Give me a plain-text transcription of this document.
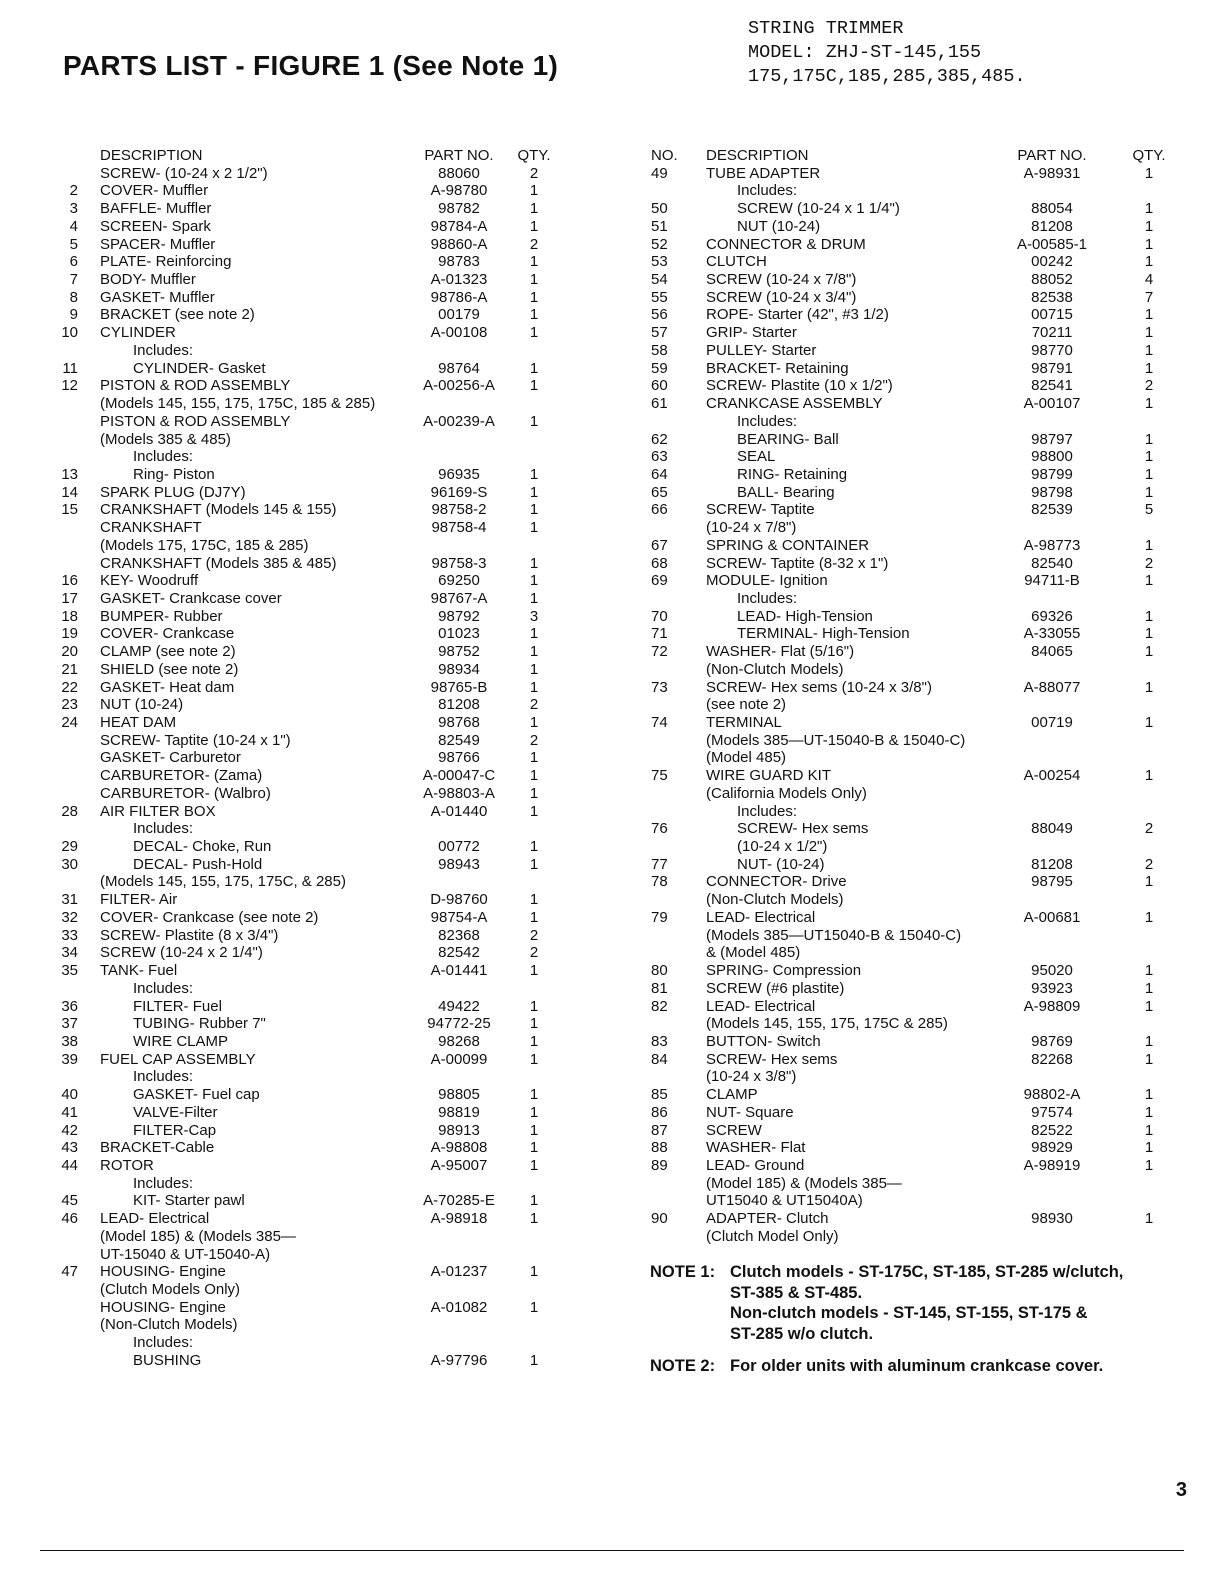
PARTS LIST - FIGURE 1 (See Note 1)
STRING TRIMMER
MODEL: ZHJ-ST-145,155
175,175C,185,285,385,485.
DESCRIPTION	PART NO.	QTY.
SCREW- (10-24 x 2 1/2")	88060	2
2 COVER- Muffler	A-98780	1
3 BAFFLE- Muffler	98782	1
4 SCREEN- Spark	98784-A	1
5 SPACER- Muffler	98860-A	2
6 PLATE- Reinforcing	98783	1
7 BODY- Muffler	A-01323	1
8 GASKET- Muffler	98786-A	1
9 BRACKET (see note 2)	00179	1
10 CYLINDER	A-00108	1
Includes:
11	CYLINDER- Gasket	98764	1
12 PISTON & ROD ASSEMBLY	A-00256-A	1
(Models 145, 155, 175, 175C, 185 & 285)
PISTON & ROD ASSEMBLY	A-00239-A	1
(Models 385 & 485)
Includes:
13	Ring- Piston	96935	1
14 SPARK PLUG (DJ7Y)	96169-S	1
15 CRANKSHAFT (Models 145 & 155)	98758-2	1
CRANKSHAFT	98758-4	1
(Models 175, 175C, 185 & 285)
CRANKSHAFT (Models 385 & 485)	98758-3	1
16 KEY- Woodruff	69250	1
17 GASKET- Crankcase cover	98767-A	1
18 BUMPER- Rubber	98792	3
19 COVER- Crankcase	01023	1
20 CLAMP (see note 2)	98752	1
21 SHIELD (see note 2)	98934	1
22 GASKET- Heat dam	98765-B	1
23 NUT (10-24)	81208	2
24 HEAT DAM	98768	1
SCREW- Taptite (10-24 x 1")	82549	2
GASKET- Carburetor	98766	1
CARBURETOR- (Zama)	A-00047-C	1
CARBURETOR- (Walbro)	A-98803-A	1
28 AIR FILTER BOX	A-01440	1
Includes:
29	DECAL- Choke, Run	00772	1
30	DECAL- Push-Hold	98943	1
(Models 145, 155, 175, 175C, & 285)
31 FILTER- Air	D-98760	1
32 COVER- Crankcase (see note 2)	98754-A	1
33 SCREW- Plastite (8 x 3/4")	82368	2
34 SCREW (10-24 x 2 1/4")	82542	2
35 TANK- Fuel	A-01441	1
Includes:
36	FILTER- Fuel	49422	1
37	TUBING- Rubber 7"	94772-25	1
38	WIRE CLAMP	98268	1
39 FUEL CAP ASSEMBLY	A-00099	1
Includes:
40	GASKET- Fuel cap	98805	1
41	VALVE-Filter	98819	1
42	FILTER-Cap	98913	1
43 BRACKET-Cable	A-98808	1
44 ROTOR	A-95007	1
Includes:
45	KIT- Starter pawl	A-70285-E	1
46 LEAD- Electrical	A-98918	1
(Model 185) & (Models 385—
UT-15040 & UT-15040-A)
47 HOUSING- Engine	A-01237	1
(Clutch Models Only)
HOUSING- Engine	A-01082	1
(Non-Clutch Models)
Includes:
BUSHING	A-97796	1
NO.	DESCRIPTION	PART NO.	QTY.
49	TUBE ADAPTER	A-98931	1
Includes:
50	SCREW (10-24 x 1 1/4")	88054	1
51	NUT (10-24)	81208	1
52	CONNECTOR & DRUM	A-00585-1	1
53	CLUTCH	00242	1
54	SCREW (10-24 x 7/8")	88052	4
55	SCREW (10-24 x 3/4")	82538	7
56	ROPE- Starter (42", #3 1/2)	00715	1
57	GRIP- Starter	70211	1
58	PULLEY- Starter	98770	1
59	BRACKET- Retaining	98791	1
60	SCREW- Plastite (10 x 1/2")	82541	2
61	CRANKCASE ASSEMBLY	A-00107	1
Includes:
62	BEARING- Ball	98797	1
63	SEAL	98800	1
64	RING- Retaining	98799	1
65	BALL- Bearing	98798	1
66	SCREW- Taptite	82539	5
(10-24 x 7/8")
67	SPRING & CONTAINER	A-98773	1
68	SCREW- Taptite (8-32 x 1")	82540	2
69	MODULE- Ignition	94711-B	1
Includes:
70	LEAD- High-Tension	69326	1
71	TERMINAL- High-Tension	A-33055	1
72	WASHER- Flat (5/16")	84065	1
(Non-Clutch Models)
73	SCREW- Hex sems (10-24 x 3/8")	A-88077	1
(see note 2)
74	TERMINAL	00719	1
(Models 385—UT-15040-B & 15040-C)
(Model 485)
75	WIRE GUARD KIT	A-00254	1
(California Models Only)
Includes:
76	SCREW- Hex sems	88049	2
(10-24 x 1/2")
77	NUT- (10-24)	81208	2
78	CONNECTOR- Drive	98795	1
(Non-Clutch Models)
79	LEAD- Electrical	A-00681	1
(Models 385—UT15040-B & 15040-C)
& (Model 485)
80	SPRING- Compression	95020	1
81	SCREW (#6 plastite)	93923	1
82	LEAD- Electrical	A-98809	1
(Models 145, 155, 175, 175C & 285)
83	BUTTON- Switch	98769	1
84	SCREW- Hex sems	82268	1
(10-24 x 3/8")
85	CLAMP	98802-A	1
86	NUT- Square	97574	1
87	SCREW	82522	1
88	WASHER- Flat	98929	1
89	LEAD- Ground	A-98919	1
(Model 185) & (Models 385—
UT15040 & UT15040A)
90	ADAPTER- Clutch	98930	1
(Clutch Model Only)
NOTE 1: Clutch models - ST-175C, ST-185, ST-285 w/clutch,
ST-385 & ST-485.
Non-clutch models - ST-145, ST-155, ST-175 &
ST-285 w/o clutch.
NOTE 2: For older units with aluminum crankcase cover.
3
